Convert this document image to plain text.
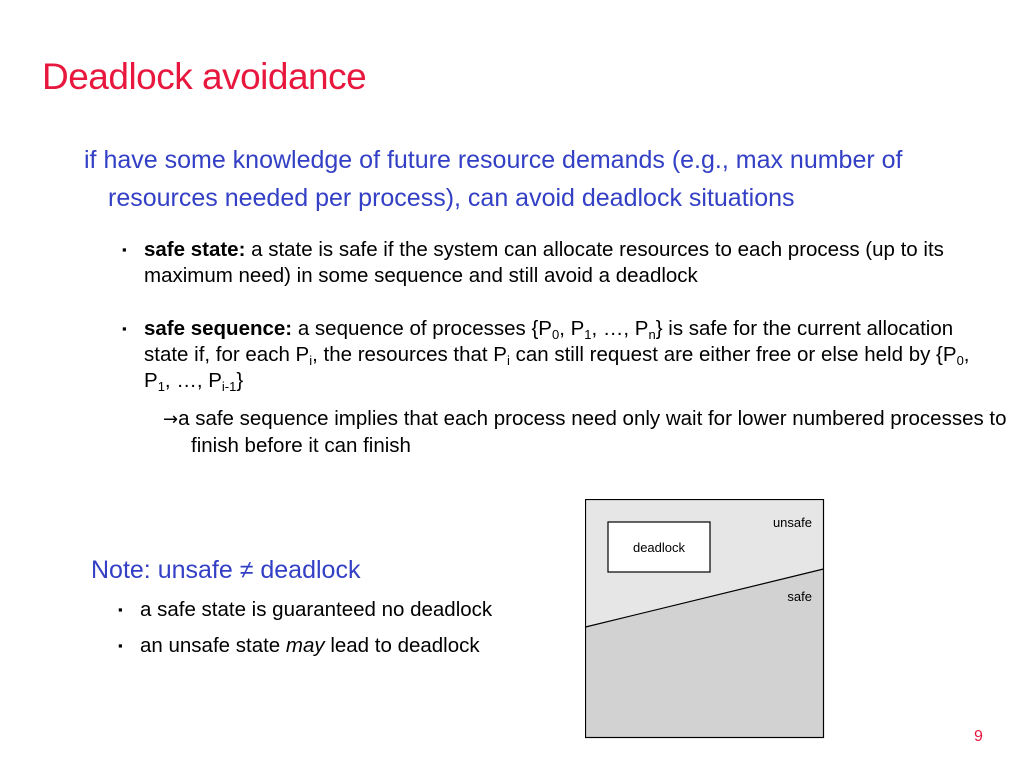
Deadlock avoidance
if have some knowledge of future resource demands (e.g., max number of resources needed per process), can avoid deadlock situations
▪ safe state: a state is safe if the system can allocate resources to each process (up to its maximum need) in some sequence and still avoid a deadlock
▪ safe sequence: a sequence of processes {$P_0$, $P_1$, …, $P_n$} is safe for the current allocation state if, for each $P_i$, the resources that $P_i$ can still request are either free or else held by {$P_0$, $P_1$, …, $P_{i-1}$}
→a safe sequence implies that each process need only wait for lower numbered processes to finish before it can finish
Note: unsafe ≠ deadlock
▪ a safe state is guaranteed no deadlock
▪ an unsafe state may lead to deadlock
deadlock
unsafe
safe
9
